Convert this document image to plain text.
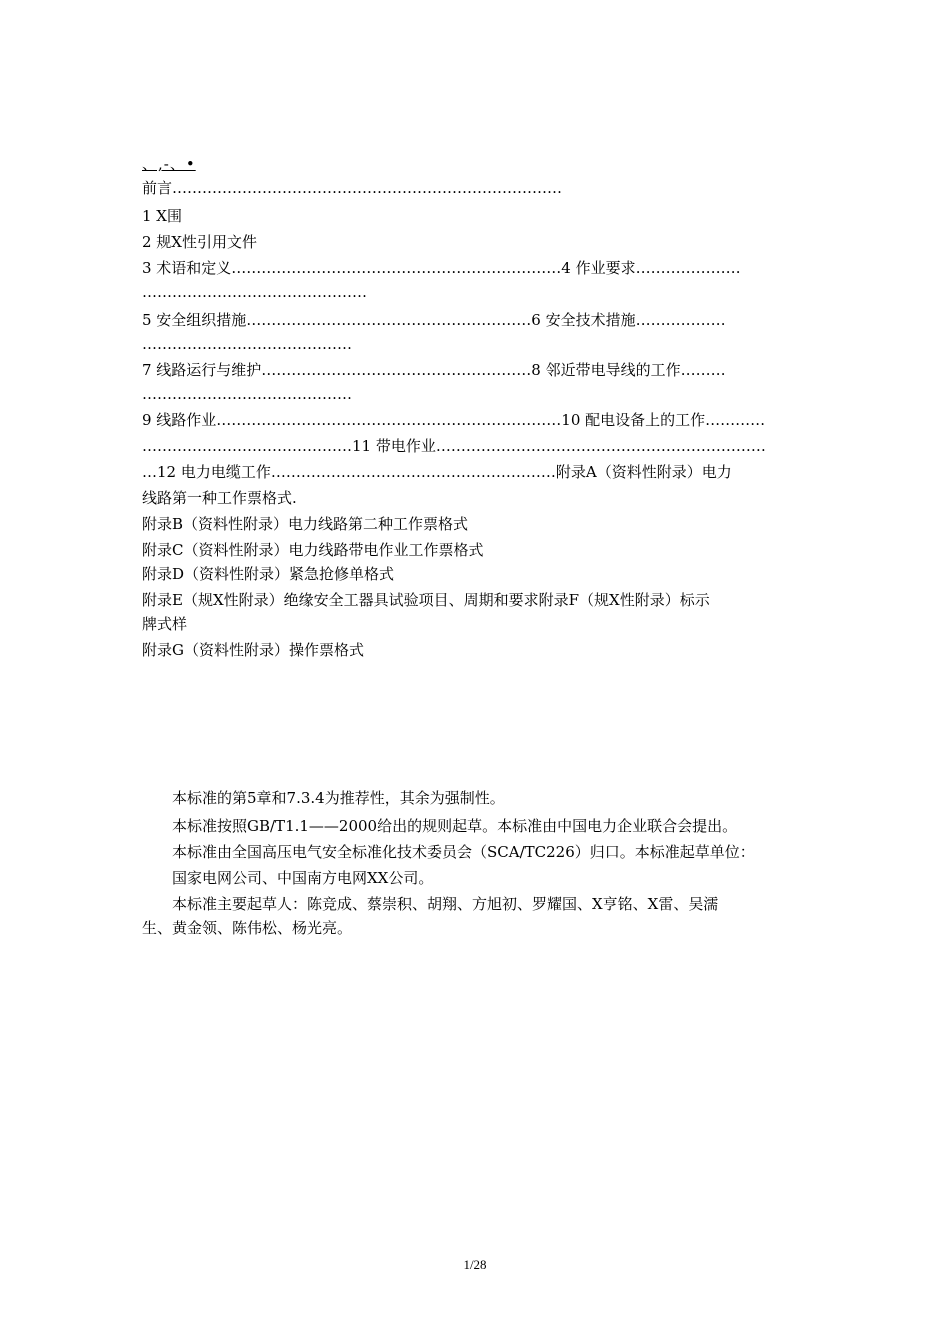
、,-、•
前言……………………………………………………………………
1 X围
2 规X性引用文件
3 术语和定义…………………………………………………………4 作业要求…………………
………………………………………
5 安全组织措施…………………………………………………6 安全技术措施………………
……………………………………
7 线路运行与维护………………………………………………8 邻近带电导线的工作………
……………………………………
9 线路作业……………………………………………………………10 配电设备上的工作…………
……………………………………11 带电作业…………………………………………………………
…12 电力电缆工作…………………………………………………附录A（资料性附录）电力
线路第一种工作票格式.
附录B（资料性附录）电力线路第二种工作票格式
附录C（资料性附录）电力线路带电作业工作票格式
附录D（资料性附录）紧急抢修单格式
附录E（规X性附录）绝缘安全工器具试验项目、周期和要求附录F（规X性附录）标示
牌式样
附录G（资料性附录）操作票格式
本标准的第5章和7.3.4为推荐性，其余为强制性。
本标准按照GB/T1.1——2000给出的规则起草。本标准由中国电力企业联合会提出。
本标准由全国高压电气安全标准化技术委员会（SCA/TC226）归口。本标准起草单位：
国家电网公司、中国南方电网XX公司。
本标准主要起草人：陈竞成、蔡崇积、胡翔、方旭初、罗耀国、X亨铭、X雷、吴濡
生、黄金领、陈伟松、杨光亮。
1/28
